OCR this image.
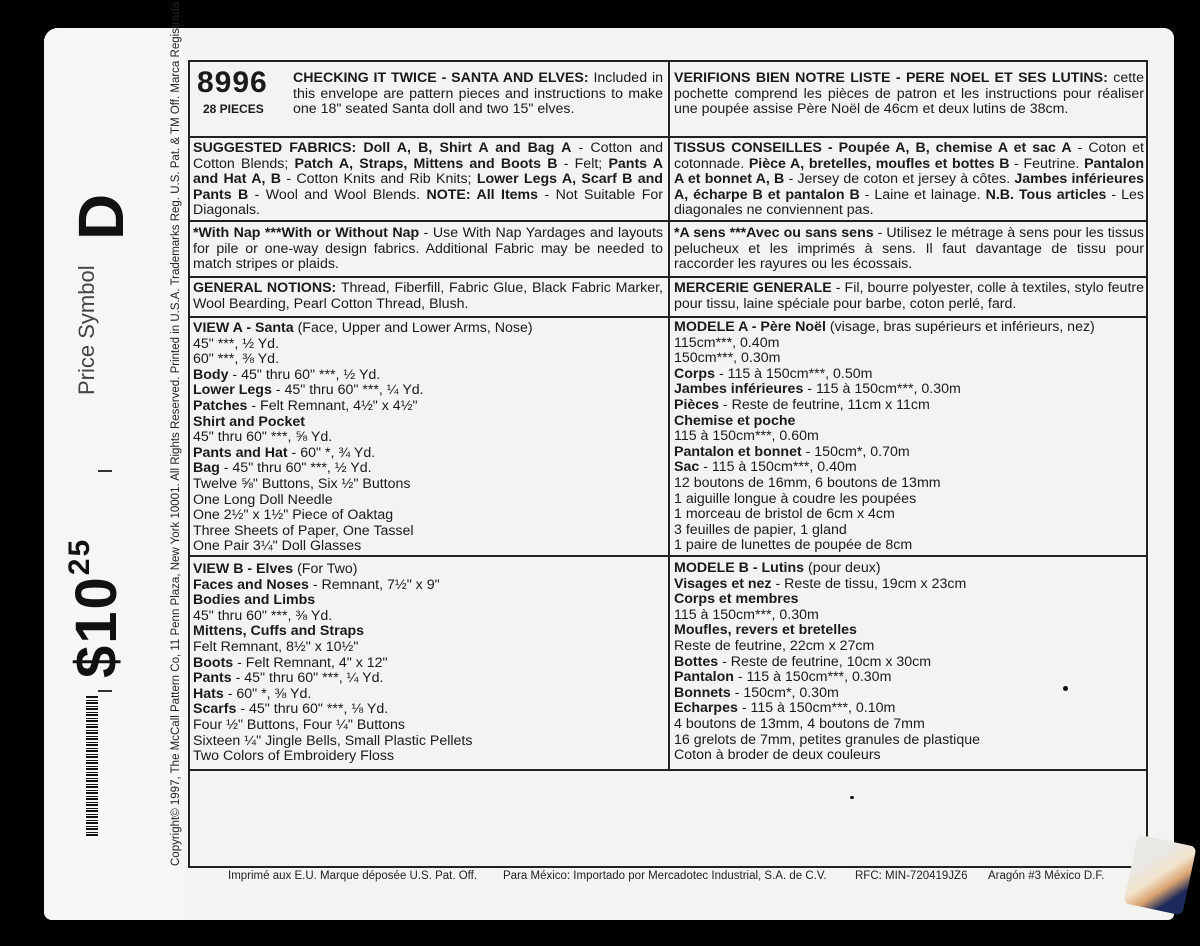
Price Symbol
D
$\$10^{25}$	Copyright© 1997, The McCall Pattern Co, 11 Penn Plaza, New York 10001. All Rights Reserved. Printed in U.S.A. Trademarks Reg. U.S. Pat. & TM Off. Marca Registrada 8996
28 PIECES
CHECKING IT TWICE - SANTA AND ELVES: Included in this envelope are pattern pieces and instructions to make one 18" seated Santa doll and two 15" elves.
VERIFIONS BIEN NOTRE LISTE - PERE NOEL ET SES LUTINS: cette pochette comprend les pièces de patron et les instructions pour réaliser une poupée assise Père Noël de 46cm et deux lutins de 38cm.
SUGGESTED FABRICS: Doll A, B, Shirt A and Bag A - Cotton and Cotton Blends; Patch A, Straps, Mittens and Boots B - Felt; Pants A and Hat A, B - Cotton Knits and Rib Knits; Lower Legs A, Scarf B and Pants B - Wool and Wool Blends. NOTE: All Items - Not Suitable For Diagonals.
TISSUS CONSEILLES - Poupée A, B, chemise A et sac A - Coton et cotonnade. Pièce A, bretelles, moufles et bottes B - Feutrine. Pantalon A et bonnet A, B - Jersey de coton et jersey à côtes. Jambes inférieures A, écharpe B et pantalon B - Laine et lainage. N.B. Tous articles - Les diagonales ne conviennent pas.
*With Nap ***With or Without Nap - Use With Nap Yardages and layouts for pile or one-way design fabrics. Additional Fabric may be needed to match stripes or plaids.
*A sens ***Avec ou sans sens - Utilisez le métrage à sens pour les tissus pelucheux et les imprimés à sens. Il faut davantage de tissu pour raccorder les rayures ou les écossais.
GENERAL NOTIONS: Thread, Fiberfill, Fabric Glue, Black Fabric Marker, Wool Bearding, Pearl Cotton Thread, Blush.
MERCERIE GENERALE - Fil, bourre polyester, colle à textiles, stylo feutre pour tissu, laine spéciale pour barbe, coton perlé, fard.
VIEW A - Santa (Face, Upper and Lower Arms, Nose)
45" ***, ½ Yd.
60" ***, ⅜ Yd.
Body - 45" thru 60" ***, ½ Yd.
Lower Legs - 45" thru 60" ***, ¼ Yd.
Patches - Felt Remnant, 4½" x 4½"
Shirt and Pocket
45" thru 60" ***, ⅝ Yd.
Pants and Hat - 60" *, ¾ Yd.
Bag - 45" thru 60" ***, ½ Yd.
Twelve ⅝" Buttons, Six ½" Buttons
One Long Doll Needle
One 2½" x 1½" Piece of Oaktag
Three Sheets of Paper, One Tassel
One Pair 3¼" Doll Glasses
MODELE A - Père Noël (visage, bras supérieurs et inférieurs, nez)
115cm***, 0.40m
150cm***, 0.30m
Corps - 115 à 150cm***, 0.50m
Jambes inférieures - 115 à 150cm***, 0.30m
Pièces - Reste de feutrine, 11cm x 11cm
Chemise et poche
115 à 150cm***, 0.60m
Pantalon et bonnet - 150cm*, 0.70m
Sac - 115 à 150cm***, 0.40m
12 boutons de 16mm, 6 boutons de 13mm
1 aiguille longue à coudre les poupées
1 morceau de bristol de 6cm x 4cm
3 feuilles de papier, 1 gland
1 paire de lunettes de poupée de 8cm
VIEW B - Elves (For Two)
Faces and Noses - Remnant, 7½" x 9"
Bodies and Limbs
45" thru 60" ***, ⅜ Yd.
Mittens, Cuffs and Straps
Felt Remnant, 8½" x 10½"
Boots - Felt Remnant, 4" x 12"
Pants - 45" thru 60" ***, ¼ Yd.
Hats - 60" *, ⅜ Yd.
Scarfs - 45" thru 60" ***, ⅛ Yd.
Four ½" Buttons, Four ¼" Buttons
Sixteen ¼" Jingle Bells, Small Plastic Pellets
Two Colors of Embroidery Floss
MODELE B - Lutins (pour deux)
Visages et nez - Reste de tissu, 19cm x 23cm
Corps et membres
115 à 150cm***, 0.30m
Moufles, revers et bretelles
Reste de feutrine, 22cm x 27cm
Bottes - Reste de feutrine, 10cm x 30cm
Pantalon - 115 à 150cm***, 0.30m
Bonnets - 150cm*, 0.30m
Echarpes - 115 à 150cm***, 0.10m
4 boutons de 13mm, 4 boutons de 7mm
16 grelots de 7mm, petites granules de plastique
Coton à broder de deux couleurs
Imprimé aux E.U. Marque déposée U.S. Pat. Off. Para México: Importado por Mercadotec Industrial, S.A. de C.V. RFC: MIN-720419JZ6 Aragón #3 México D.F.
